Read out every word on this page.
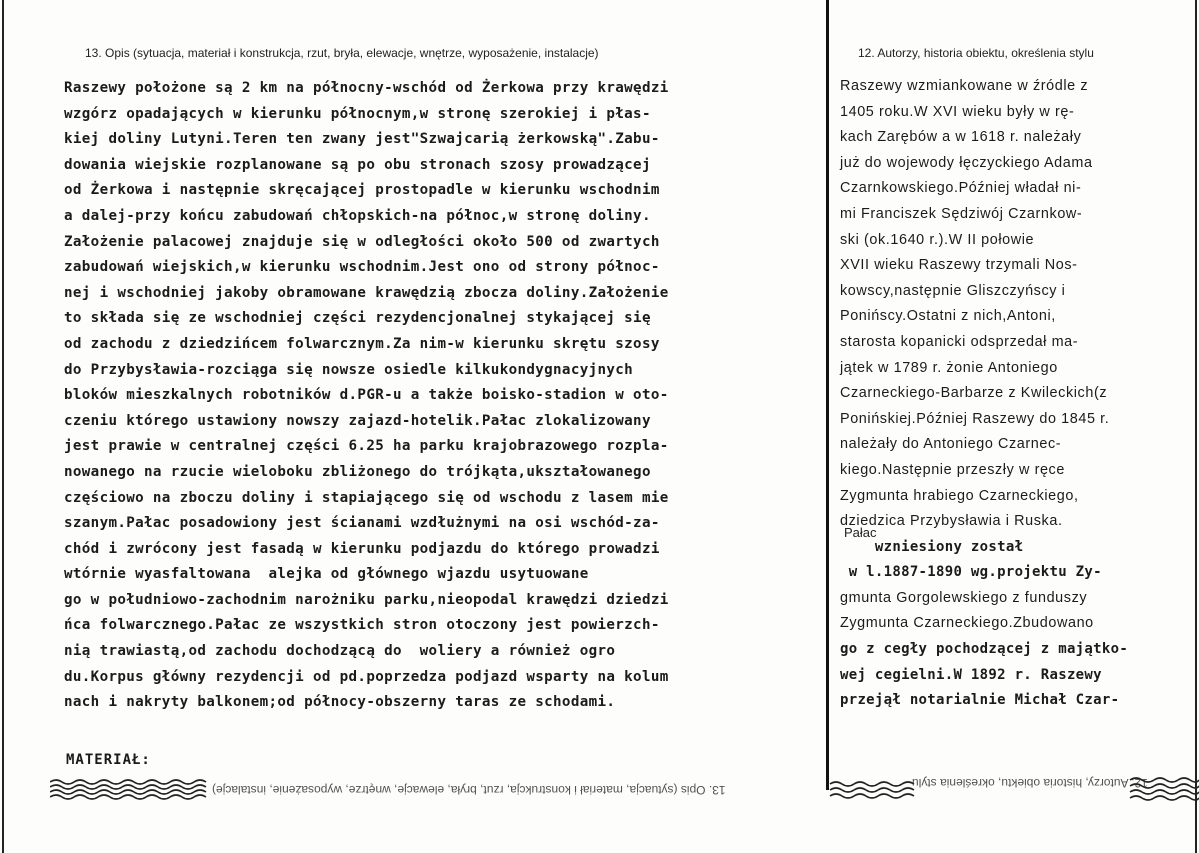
13. Opis (sytuacja, materiał i konstrukcja, rzut, bryła, elewacje, wnętrze, wyposażenie, instalacje)	12. Autorzy, historia obiektu, określenia stylu
Raszewy położone są 2 km na północny-wschód od Żerkowa przy krawędzi
wzgórz opadających w kierunku północnym,w stronę szerokiej i płas-
kiej doliny Lutyni.Teren ten zwany jest"Szwajcarią żerkowską".Zabu-
dowania wiejskie rozplanowane są po obu stronach szosy prowadzącej
od Żerkowa i następnie skręcającej prostopadle w kierunku wschodnim
a dalej-przy końcu zabudowań chłopskich-na północ,w stronę doliny.
Założenie palacowej znajduje się w odległości około 500 od zwartych
zabudowań wiejskich,w kierunku wschodnim.Jest ono od strony północ-
nej i wschodniej jakoby obramowane krawędzią zbocza doliny.Założenie
to składa się ze wschodniej części rezydencjonalnej stykającej się
od zachodu z dziedzińcem folwarcznym.Za nim-w kierunku skrętu szosy
do Przybysławia-rozciąga się nowsze osiedle kilkukondygnacyjnych
bloków mieszkalnych robotników d.PGR-u a także boisko-stadion w oto-
czeniu którego ustawiony nowszy zajazd-hotelik.Pałac zlokalizowany
jest prawie w centralnej części 6.25 ha parku krajobrazowego rozpla-
nowanego na rzucie wieloboku zbliżonego do trójkąta,ukształowanego
częściowo na zboczu doliny i stapiającego się od wschodu z lasem mie
szanym.Pałac posadowiony jest ścianami wzdłużnymi na osi wschód-za-
chód i zwrócony jest fasadą w kierunku podjazdu do którego prowadzi
wtórnie wyasfaltowana  alejka od głównego wjazdu usytuowane
go w południowo-zachodnim narożniku parku,nieopodal krawędzi dziedzi
ńca folwarcznego.Pałac ze wszystkich stron otoczony jest powierzch-
nią trawiastą,od zachodu dochodzącą do  woliery a również ogro
du.Korpus główny rezydencji od pd.poprzedza podjazd wsparty na kolum
nach i nakryty balkonem;od północy-obszerny taras ze schodami.
Raszewy wzmiankowane w źródle z
1405 roku.W XVI wieku były w rę-
kach Zarębów a w 1618 r. należały
już do wojewody łęczyckiego Adama
Czarnkowskiego.Później władał ni-
mi Franciszek Sędziwój Czarnkow-
ski (ok.1640 r.).W II połowie
XVII wieku Raszewy trzymali Nos-
kowscy,następnie Gliszczyńscy i
Ponińscy.Ostatni z nich,Antoni,
starosta kopanicki odsprzedał ma-
jątek w 1789 r. żonie Antoniego
Czarneckiego-Barbarze z Kwileckich(z
Ponińskiej.Później Raszewy do 1845 r.
należały do Antoniego Czarnec-
kiego.Następnie przeszły w ręce
Zygmunta hrabiego Czarneckiego,
dziedzica Przybysławia i Ruska.
wzniesiony został
w l.1887-1890 wg.projektu Zy-
gmunta Gorgolewskiego z funduszy
Zygmunta Czarneckiego.Zbudowano
go z cegły pochodzącej z majątko-
wej cegielni.W 1892 r. Raszewy
przejął notarialnie Michał Czar-
Pałac
MATERIAŁ:
13. Opis (sytuacja, materiał i konstrukcja, rzut, bryła, elewacje, wnętrze, wyposażenie, instalacje)	12. Autorzy, historia obiektu, określenia stylu
